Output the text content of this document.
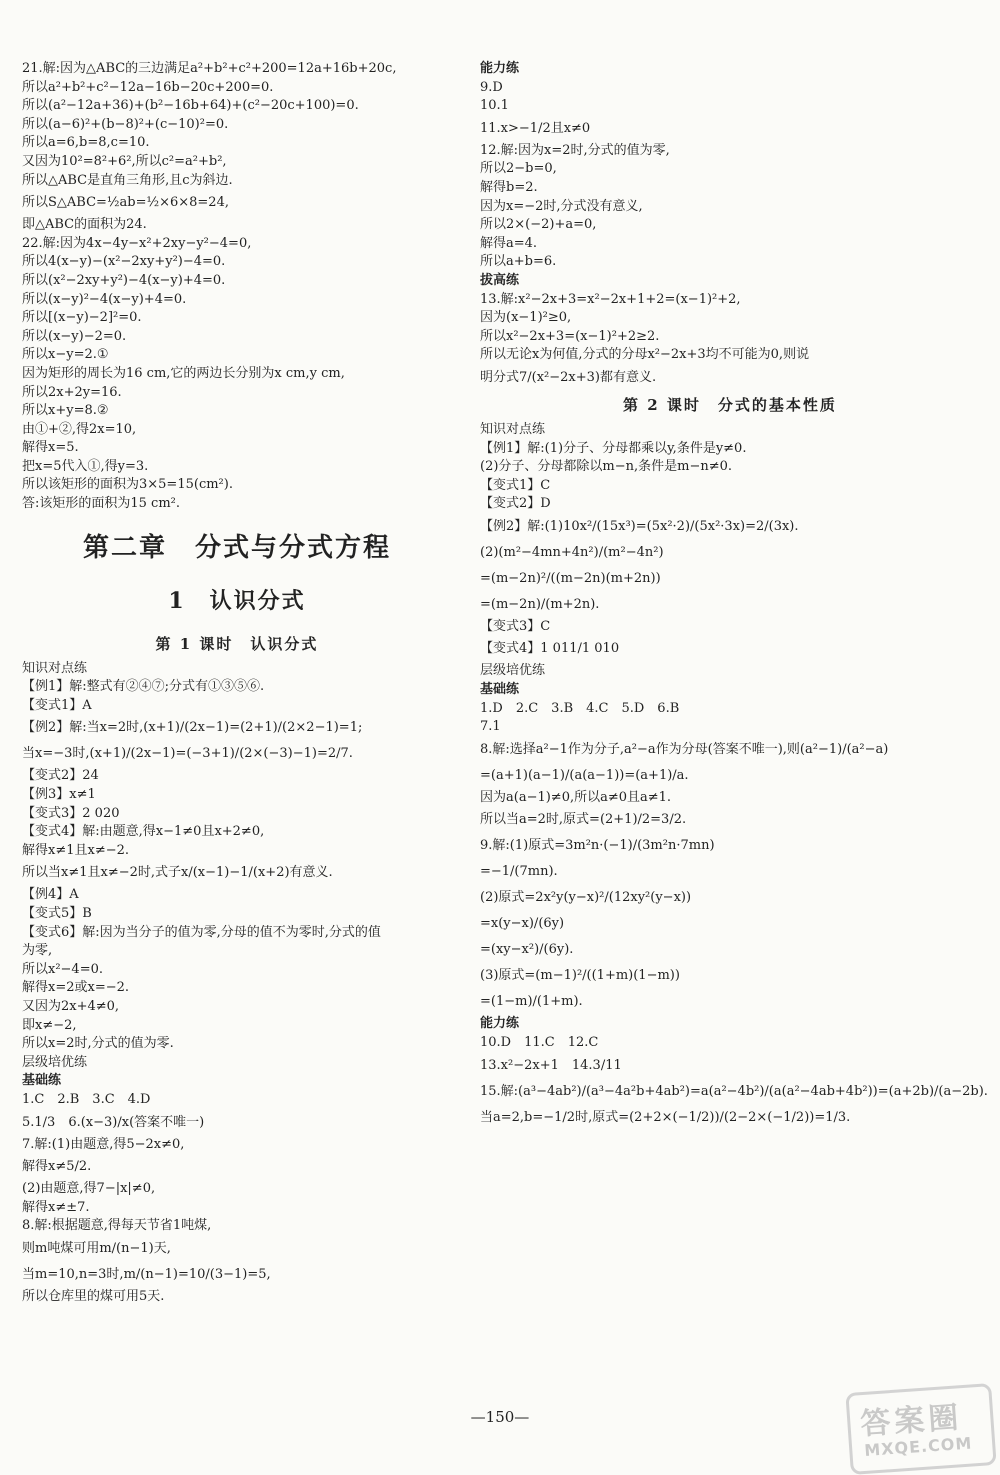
21.解:因为△ABC的三边满足a²+b²+c²+200=12a+16b+20c,
所以a²+b²+c²−12a−16b−20c+200=0.
所以(a²−12a+36)+(b²−16b+64)+(c²−20c+100)=0.
所以(a−6)²+(b−8)²+(c−10)²=0.
所以a=6,b=8,c=10.
又因为10²=8²+6²,所以c²=a²+b²,
所以△ABC是直角三角形,且c为斜边.
所以S△ABC=½ab=½×6×8=24,
即△ABC的面积为24.
22.解:因为4x−4y−x²+2xy−y²−4=0,
所以4(x−y)−(x²−2xy+y²)−4=0.
所以(x²−2xy+y²)−4(x−y)+4=0.
所以(x−y)²−4(x−y)+4=0.
所以[(x−y)−2]²=0.
所以(x−y)−2=0.
所以x−y=2.①
因为矩形的周长为16 cm,它的两边长分别为x cm,y cm,
所以2x+2y=16.
所以x+y=8.②
由①+②,得2x=10,
解得x=5.
把x=5代入①,得y=3.
所以该矩形的面积为3×5=15(cm²).
答:该矩形的面积为15 cm².
第二章　分式与分式方程
1　认识分式
第 1 课时　认识分式
知识对点练
【例1】解:整式有②④⑦;分式有①③⑤⑥.
【变式1】A
【例2】解:当x=2时,(x+1)/(2x−1)=(2+1)/(2×2−1)=1;
当x=−3时,(x+1)/(2x−1)=(−3+1)/(2×(−3)−1)=2/7.
【变式2】24
【例3】x≠1
【变式3】2 020
【变式4】解:由题意,得x−1≠0且x+2≠0,
解得x≠1且x≠−2.
所以当x≠1且x≠−2时,式子x/(x−1)−1/(x+2)有意义.
【例4】A
【变式5】B
【变式6】解:因为当分子的值为零,分母的值不为零时,分式的值
为零,
所以x²−4=0.
解得x=2或x=−2.
又因为2x+4≠0,
即x≠−2,
所以x=2时,分式的值为零.
层级培优练
基础练
1.C　2.B　3.C　4.D
5.1/3　6.(x−3)/x(答案不唯一)
7.解:(1)由题意,得5−2x≠0,
解得x≠5/2.
(2)由题意,得7−|x|≠0,
解得x≠±7.
8.解:根据题意,得每天节省1吨煤,
则m吨煤可用m/(n−1)天,
当m=10,n=3时,m/(n−1)=10/(3−1)=5,
所以仓库里的煤可用5天.
能力练
9.D
10.1
11.x>−1/2且x≠0
12.解:因为x=2时,分式的值为零,
所以2−b=0,
解得b=2.
因为x=−2时,分式没有意义,
所以2×(−2)+a=0,
解得a=4.
所以a+b=6.
拔高练
13.解:x²−2x+3=x²−2x+1+2=(x−1)²+2,
因为(x−1)²≥0,
所以x²−2x+3=(x−1)²+2≥2.
所以无论x为何值,分式的分母x²−2x+3均不可能为0,则说
明分式7/(x²−2x+3)都有意义.
第 2 课时　分式的基本性质
知识对点练
【例1】解:(1)分子、分母都乘以y,条件是y≠0.
(2)分子、分母都除以m−n,条件是m−n≠0.
【变式1】C
【变式2】D
【例2】解:(1)10x²/(15x³)=(5x²·2)/(5x²·3x)=2/(3x).
(2)(m²−4mn+4n²)/(m²−4n²)
=(m−2n)²/((m−2n)(m+2n))
=(m−2n)/(m+2n).
【变式3】C
【变式4】1 011/1 010
层级培优练
基础练
1.D　2.C　3.B　4.C　5.D　6.B
7.1
8.解:选择a²−1作为分子,a²−a作为分母(答案不唯一),则(a²−1)/(a²−a)
=(a+1)(a−1)/(a(a−1))=(a+1)/a.
因为a(a−1)≠0,所以a≠0且a≠1.
所以当a=2时,原式=(2+1)/2=3/2.
9.解:(1)原式=3m²n·(−1)/(3m²n·7mn)
=−1/(7mn).
(2)原式=2x²y(y−x)²/(12xy²(y−x))
=x(y−x)/(6y)
=(xy−x²)/(6y).
(3)原式=(m−1)²/((1+m)(1−m))
=(1−m)/(1+m).
能力练
10.D　11.C　12.C
13.x²−2x+1　14.3/11
15.解:(a³−4ab²)/(a³−4a²b+4ab²)=a(a²−4b²)/(a(a²−4ab+4b²))=(a+2b)/(a−2b).
当a=2,b=−1/2时,原式=(2+2×(−1/2))/(2−2×(−1/2))=1/3.
—150—	答案圈
MXQE.COM
